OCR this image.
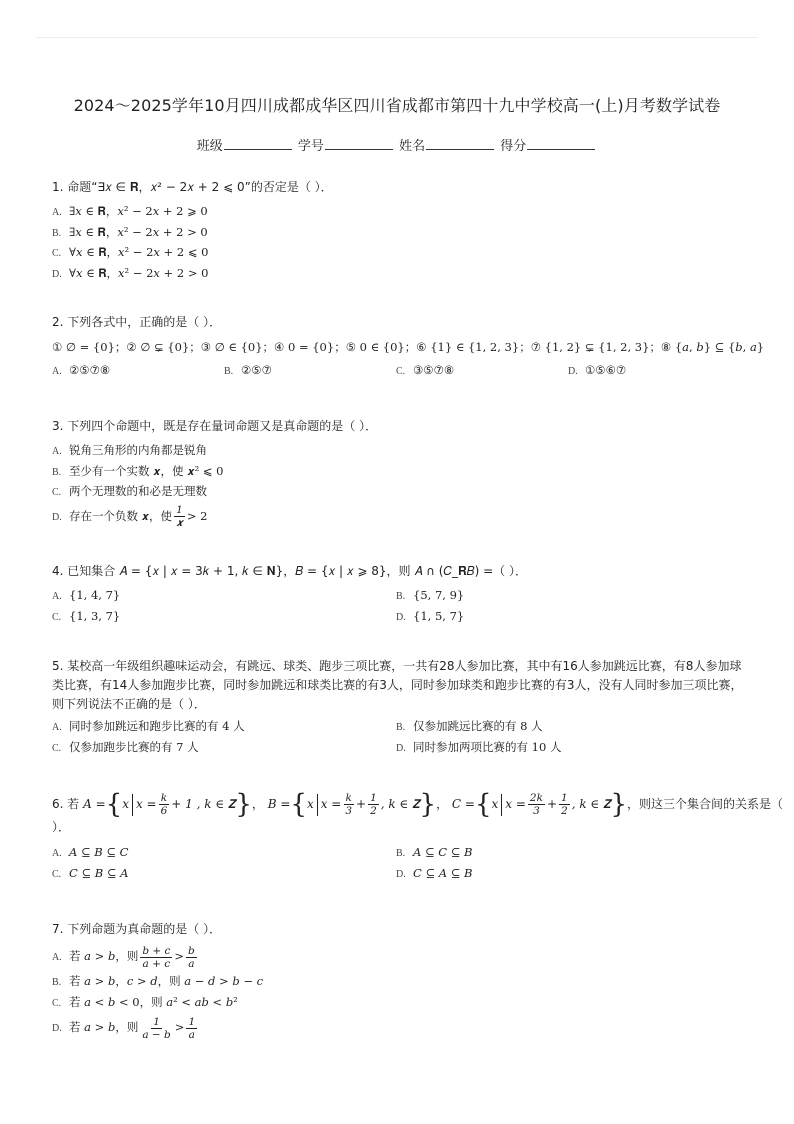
2024～2025学年10月四川成都成华区四川省成都市第四十九中学校高一(上)月考数学试卷
班级	学号	姓名	得分
1. 命题“∃𝑥 ∈ 𝐑，𝑥² − 2𝑥 + 2 ⩽ 0”的否定是（ ）．
A. ∃𝑥 ∈ 𝐑，𝑥² − 2𝑥 + 2 ⩾ 0
B. ∃𝑥 ∈ 𝐑，𝑥² − 2𝑥 + 2 > 0
C. ∀𝑥 ∈ 𝐑，𝑥² − 2𝑥 + 2 ⩽ 0
D. ∀𝑥 ∈ 𝐑，𝑥² − 2𝑥 + 2 > 0
2. 下列各式中，正确的是（ ）．
① ∅ = {0}；② ∅ ⊊ {0}；③ ∅ ∈ {0}；④ 0 = {0}；⑤ 0 ∈ {0}；⑥ {1} ∈ {1, 2, 3}；⑦ {1, 2} ⊊ {1, 2, 3}；⑧ {𝑎, 𝑏} ⊆ {𝑏, 𝑎}
A. ②⑤⑦⑧	B. ②⑤⑦	C. ③⑤⑦⑧	D. ①⑤⑥⑦
3. 下列四个命题中，既是存在量词命题又是真命题的是（ ）．
A. 锐角三角形的内角都是锐角
B. 至少有一个实数 𝒙，使 𝒙² ⩽ 0
C. 两个无理数的和必是无理数
D. 存在一个负数 𝒙，使 $\frac{1}{\text{𝒙}} > 2$
4. 已知集合 𝐴 = {𝑥 | 𝑥 = 3𝑘 + 1, 𝑘 ∈ 𝐍}，𝐵 = {𝑥 | 𝑥 ⩾ 8}，则 𝐴 ∩ (𝐶_𝐑𝐵) =（ ）．
A. {1, 4, 7}	B. {5, 7, 9}
C. {1, 3, 7}	D. {1, 5, 7}
5. 某校高一年级组织趣味运动会，有跳远、球类、跑步三项比赛，一共有28人参加比赛，其中有16人参加跳远比赛，有8人参加球类比赛，有14人参加跑步比赛，同时参加跳远和球类比赛的有3人，同时参加球类和跑步比赛的有3人，没有人同时参加三项比赛，则下列说法不正确的是（ ）．
A. 同时参加跳远和跑步比赛的有 4 人	B. 仅参加跳远比赛的有 8 人
C. 仅参加跑步比赛的有 7 人	D. 同时参加两项比赛的有 10 人
6. 若 𝐴 ={𝑥 𝑥 = $\frac{\text{𝑘}}{6} + 1$ , 𝑘 ∈ 𝐙}， 𝐵 ={𝑥 𝑥 = $\frac{\text{𝑘}}{3} + \frac{1}{2}$ , 𝑘 ∈ 𝐙}， 𝐶 ={𝑥 𝑥 = $\frac{\text{2𝑘}}{3} + \frac{1}{2}$ , 𝑘 ∈ 𝐙}，则这三个集合间的关系是（
）．
A. 𝐴 ⊆ 𝐵 ⊆ 𝐶	B. 𝐴 ⊆ 𝐶 ⊆ 𝐵
C. 𝐶 ⊆ 𝐵 ⊆ 𝐴	D. 𝐶 ⊆ 𝐴 ⊆ 𝐵
7. 下列命题为真命题的是（ ）．
A. 若 𝑎 > 𝑏，则 $\frac{\text{𝑏 + 𝑐}}{\text{𝑎 + 𝑐}} > \frac{\text{𝑏}}{\text{𝑎}}$
B. 若 𝑎 > 𝑏，𝑐 > 𝑑，则 𝑎 − 𝑑 > 𝑏 − 𝑐
C. 若 𝑎 < 𝑏 < 0，则 𝑎² < 𝑎𝑏 < 𝑏²
D. 若 𝑎 > 𝑏，则 $\frac{1}{\text{𝑎 − 𝑏}} > \frac{1}{\text{𝑎}}$
